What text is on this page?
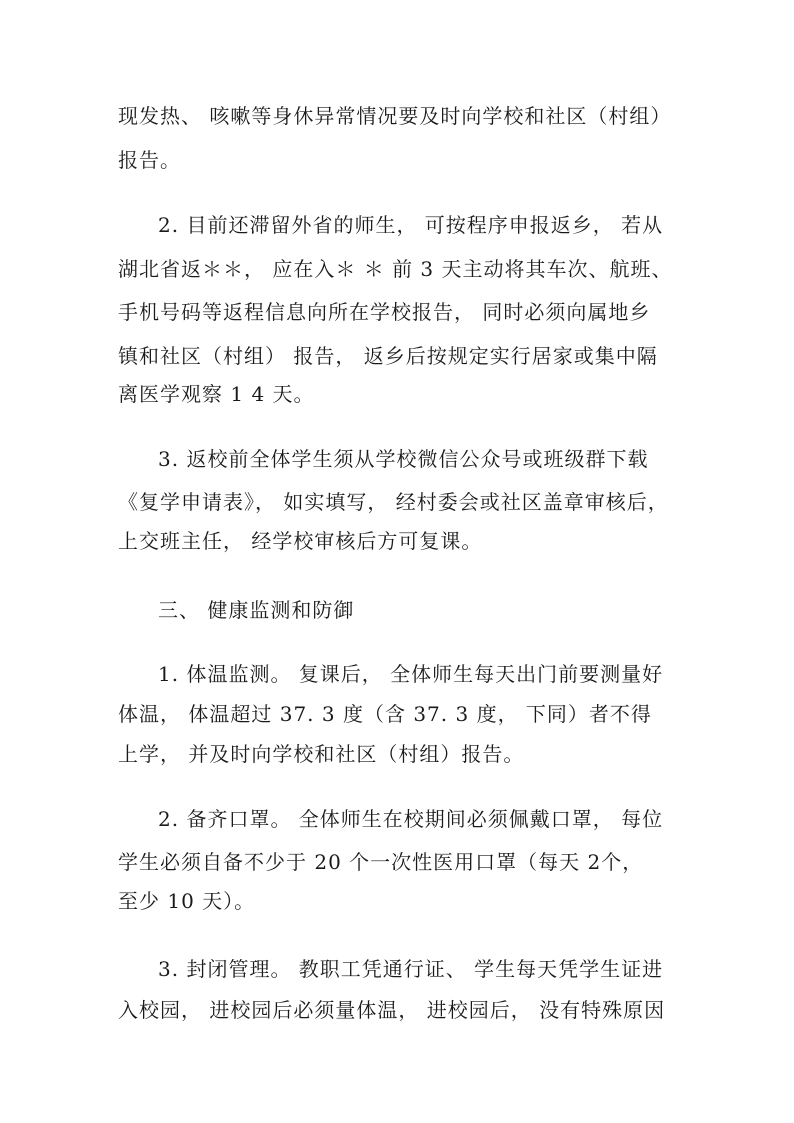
现发热、 咳嗽等身休异常情况要及时向学校和社区（村组）
报告。
2. 目前还滞留外省的师生， 可按程序申报返乡， 若从
湖北省返＊＊， 应在入＊ ＊ 前 3 天主动将其车次、航班、
手机号码等返程信息向所在学校报告， 同时必须向属地乡
镇和社区（村组） 报告， 返乡后按规定实行居家或集中隔
离医学观察 1 4 天。
3. 返校前全体学生须从学校微信公众号或班级群下载
《复学申请表》， 如实填写， 经村委会或社区盖章审核后，
上交班主任， 经学校审核后方可复课。
三、 健康监测和防御
1. 体温监测。 复课后， 全体师生每天出门前要测量好
体温， 体温超过 37. 3 度（含 37. 3 度， 下同）者不得
上学， 并及时向学校和社区（村组）报告。
2. 备齐口罩。 全体师生在校期间必须佩戴口罩， 每位
学生必须自备不少于 20 个一次性医用口罩（每天 2个，
至少 10 天）。
3. 封闭管理。 教职工凭通行证、 学生每天凭学生证进
入校园， 进校园后必须量体温， 进校园后， 没有特殊原因
